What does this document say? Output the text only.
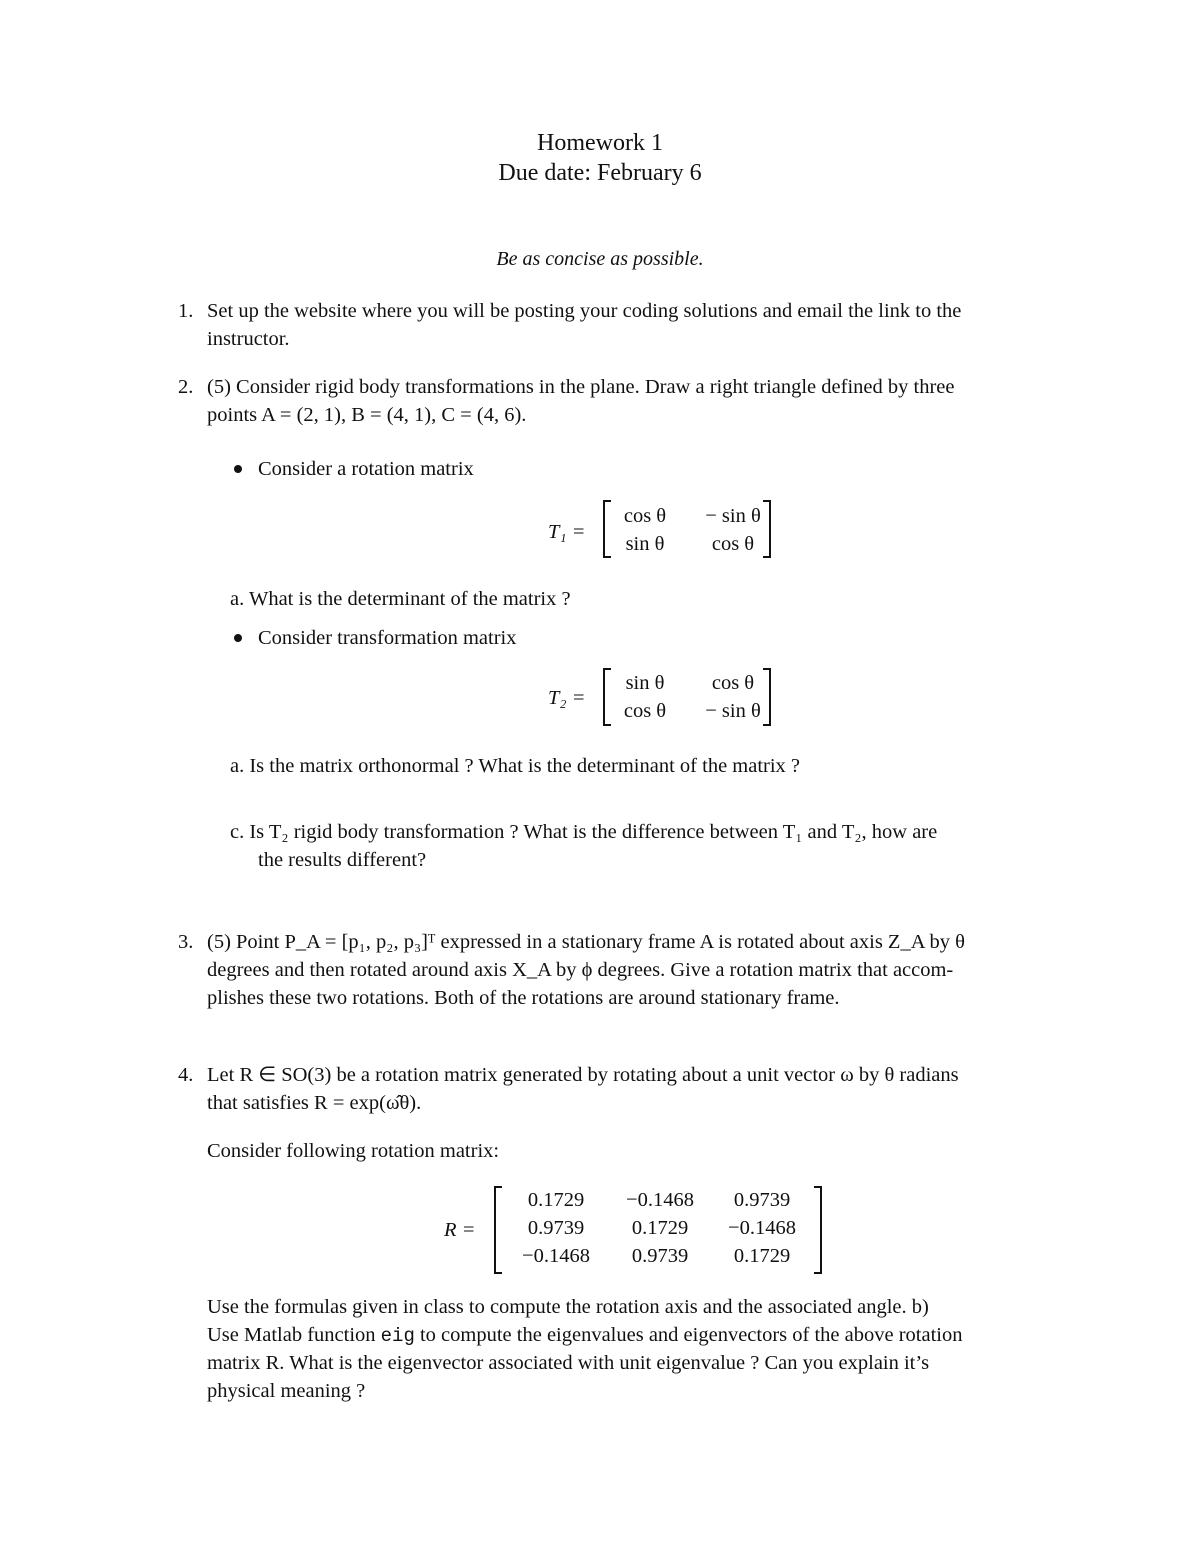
Homework 1
Due date: February 6
Be as concise as possible.
1. Set up the website where you will be posting your coding solutions and email the link to the
instructor.
2. (5) Consider rigid body transformations in the plane. Draw a right triangle defined by three
points A = (2, 1), B = (4, 1), C = (4, 6).
Consider a rotation matrix
T₁ =
cos θ	− sin θ
sin θ	cos θ
a. What is the determinant of the matrix ?
Consider transformation matrix
T₂ =
sin θ	cos θ
cos θ	− sin θ
a. Is the matrix orthonormal ? What is the determinant of the matrix ?
c. Is T₂ rigid body transformation ? What is the difference between T₁ and T₂, how are
the results different?
3. (5) Point P_A = [p₁, p₂, p₃]ᵀ expressed in a stationary frame A is rotated about axis Z_A by θ
degrees and then rotated around axis X_A by ϕ degrees. Give a rotation matrix that accom-
plishes these two rotations. Both of the rotations are around stationary frame.
4. Let R ∈ SO(3) be a rotation matrix generated by rotating about a unit vector ω by θ radians
that satisfies R = exp(ω̂θ).
Consider following rotation matrix:
R =
0.1729	−0.1468	0.9739
0.9739	0.1729	−0.1468
−0.1468	0.9739	0.1729
Use the formulas given in class to compute the rotation axis and the associated angle. b)
Use Matlab function eig to compute the eigenvalues and eigenvectors of the above rotation
matrix R. What is the eigenvector associated with unit eigenvalue ? Can you explain it’s
physical meaning ?
